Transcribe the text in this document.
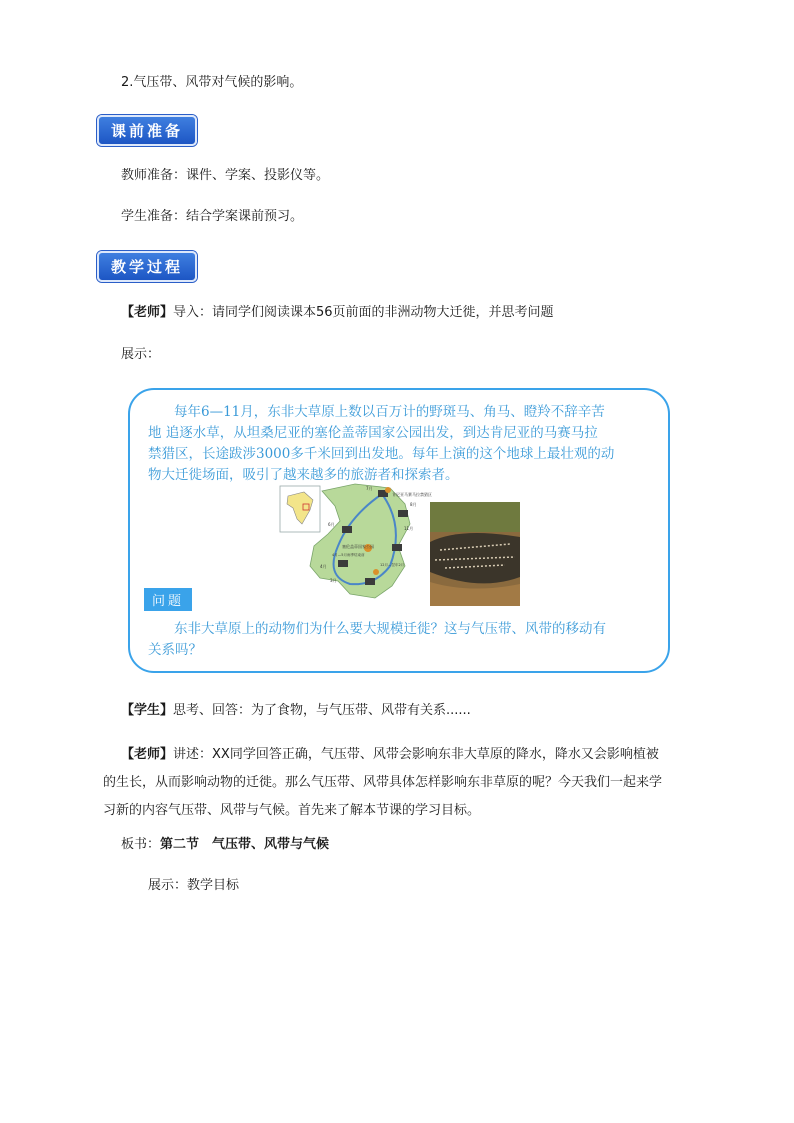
2.气压带、风带对气候的影响。
课前准备
教师准备：课件、学案、投影仪等。
学生准备：结合学案课前预习。
教学过程
【老师】导入：请同学们阅读课本56页前面的非洲动物大迁徙，并思考问题
展示：
每年6—11月，东非大草原上数以百万计的野斑马、角马、瞪羚不辞辛苦
地 追逐水草，从坦桑尼亚的塞伦盖蒂国家公园出发，到达肯尼亚的马赛马拉
禁猎区，长途跋涉3000多千米回到出发地。每年上演的这个地球上最壮观的动
物大迁徙场面，吸引了越来越多的旅游者和探索者。
肯尼亚马赛马拉禁猎区
塞伦盖蒂国家公园
7月
8月
11月
6月
3月
4月
4月—5月雨季结束前
12月—翌年2月
问题
东非大草原上的动物们为什么要大规模迁徙？这与气压带、风带的移动有
关系吗？
【学生】思考、回答：为了食物，与气压带、风带有关系......
【老师】讲述：XX同学回答正确，气压带、风带会影响东非大草原的降水，降水又会影响植被
的生长，从而影响动物的迁徙。那么气压带、风带具体怎样影响东非草原的呢？今天我们一起来学
习新的内容气压带、风带与气候。首先来了解本节课的学习目标。
板书：第二节　气压带、风带与气候
展示：教学目标
